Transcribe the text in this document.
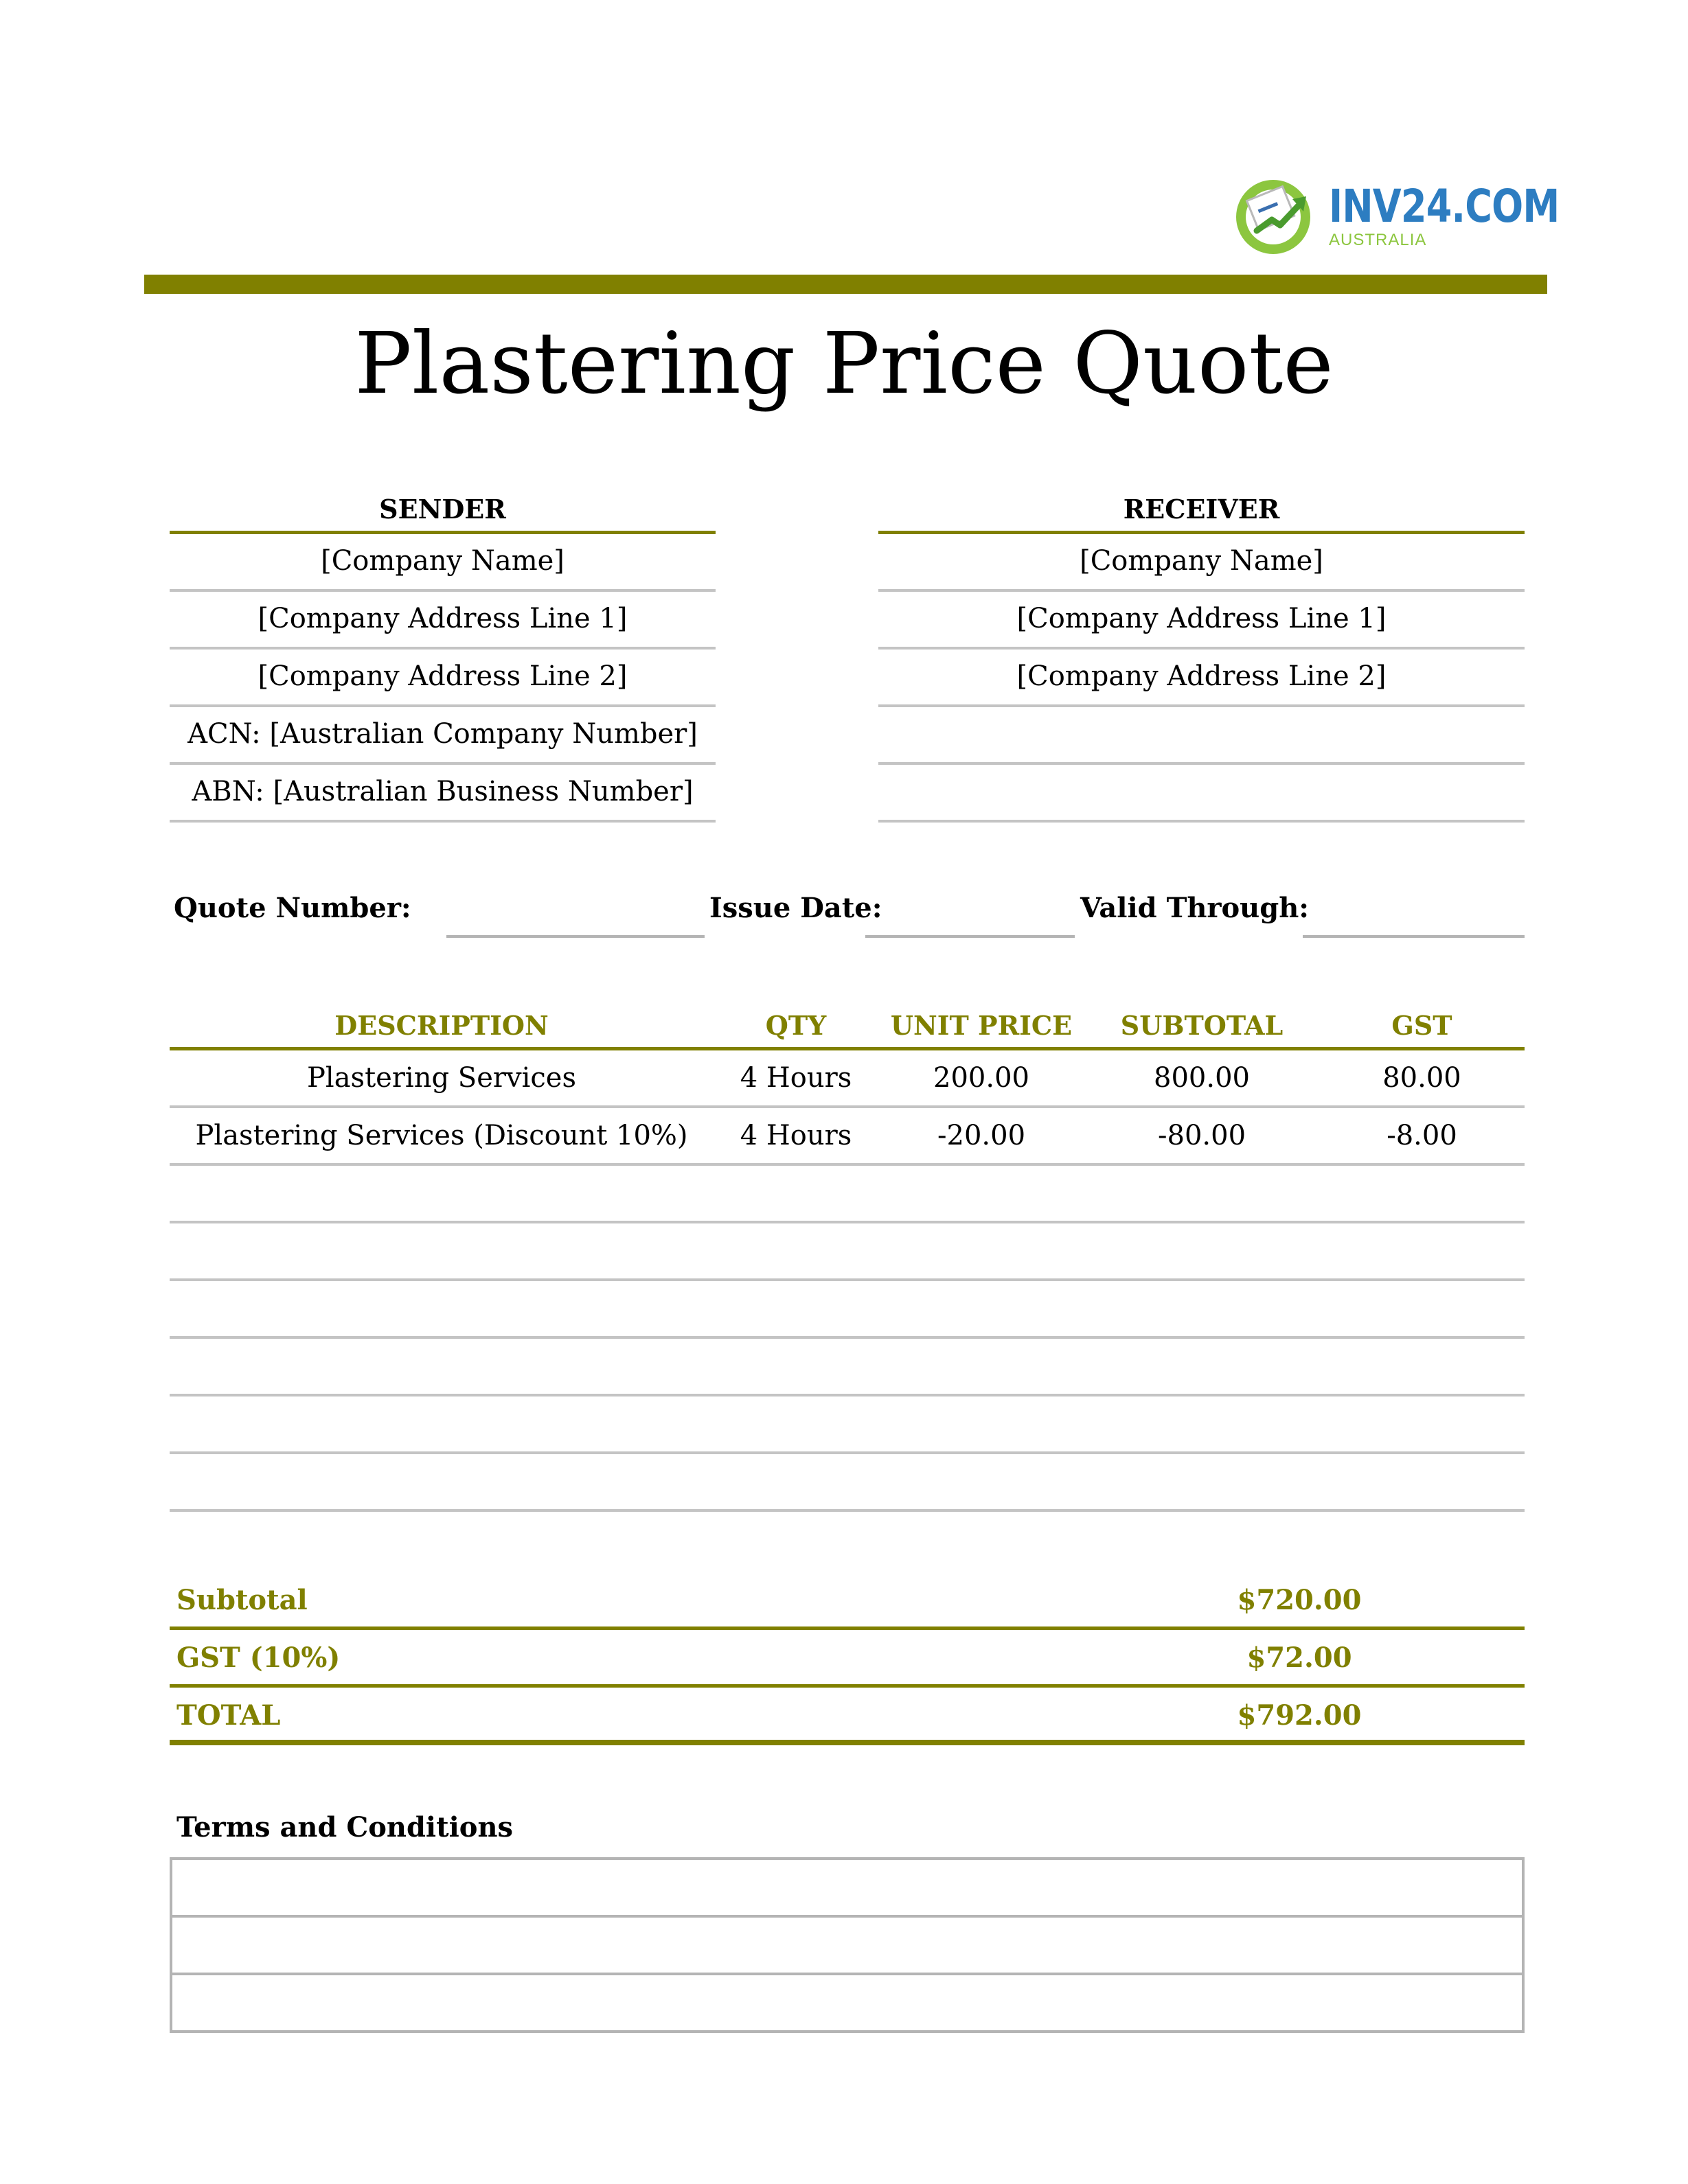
INV24.COM
AUSTRALIA
Plastering Price Quote
SENDER
[Company Name]
[Company Address Line 1]
[Company Address Line 2]
ACN: [Australian Company Number]
ABN: [Australian Business Number]
RECEIVER
[Company Name]
[Company Address Line 1]
[Company Address Line 2]
Quote Number:	Issue Date:	Valid Through:
DESCRIPTION	QTY	UNIT PRICE	SUBTOTAL	GST
Plastering Services	4 Hours	200.00	800.00	80.00
Plastering Services (Discount 10%)	4 Hours	-20.00	-80.00	-8.00
Subtotal	$720.00
GST (10%)	$72.00
TOTAL	$792.00
Terms and Conditions
